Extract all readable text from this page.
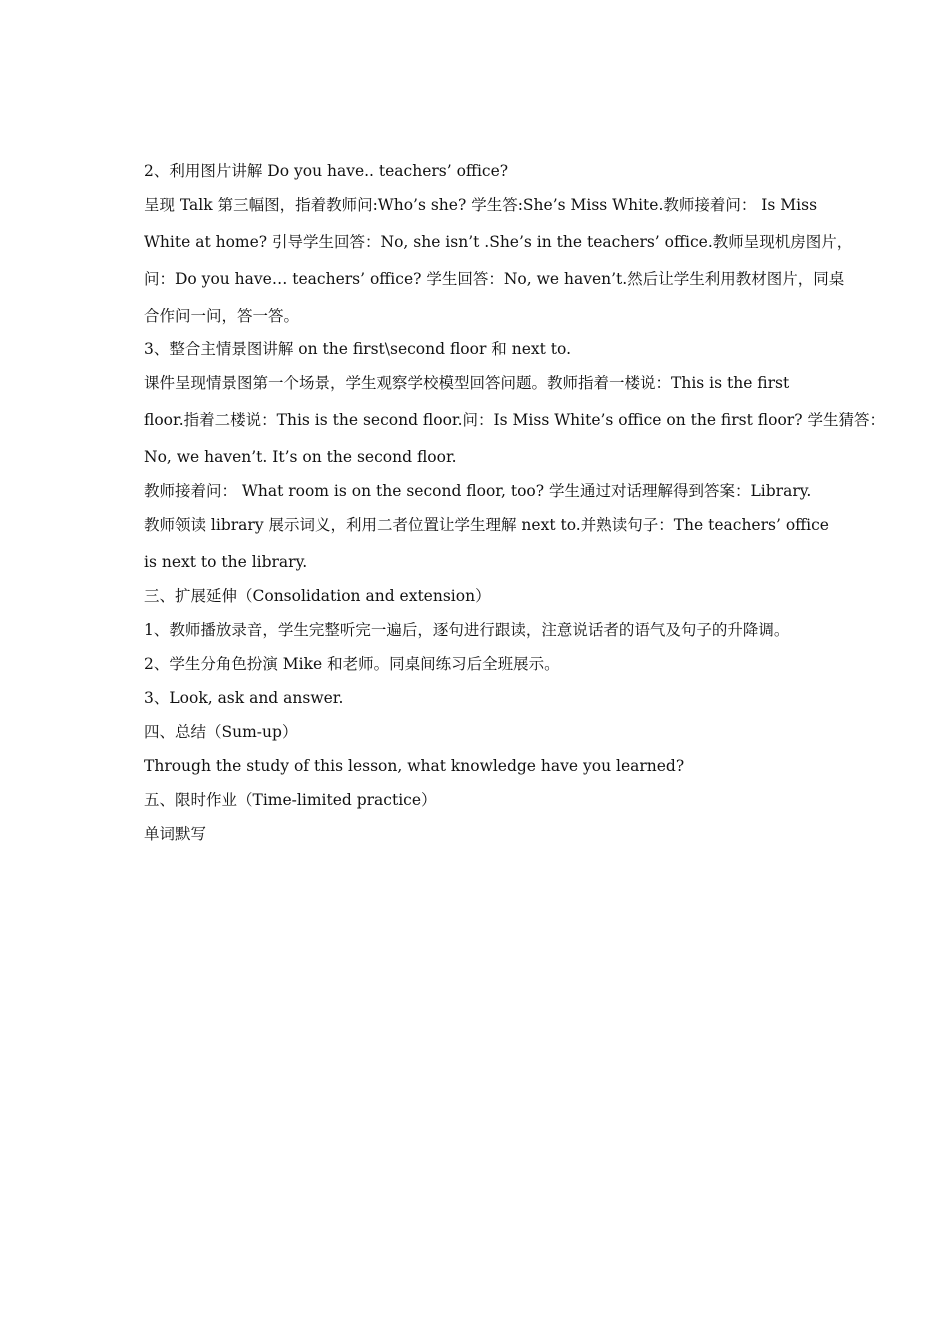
2、利用图片讲解 Do you have.. teachers’ office?
呈现 Talk 第三幅图，指着教师问:Who’s she? 学生答:She’s Miss White.教师接着问： Is Miss
White at home? 引导学生回答：No, she isn’t .She’s in the teachers’ office.教师呈现机房图片，
问：Do you have… teachers’ office? 学生回答：No, we haven’t.然后让学生利用教材图片，同桌
合作问一问，答一答。
3、整合主情景图讲解 on the first\second floor 和 next to.
课件呈现情景图第一个场景，学生观察学校模型回答问题。教师指着一楼说：This is the first
floor.指着二楼说：This is the second floor.问：Is Miss White’s office on the first floor? 学生猜答：
No, we haven’t. It’s on the second floor.
教师接着问： What room is on the second floor, too? 学生通过对话理解得到答案：Library.
教师领读 library 展示词义，利用二者位置让学生理解 next to.并熟读句子：The teachers’ office
is next to the library.
三、扩展延伸（Consolidation and extension）
1、教师播放录音，学生完整听完一遍后，逐句进行跟读，注意说话者的语气及句子的升降调。
2、学生分角色扮演 Mike 和老师。同桌间练习后全班展示。
3、Look, ask and answer.
四、总结（Sum-up）
Through the study of this lesson, what knowledge have you learned?
五、限时作业（Time-limited practice）
单词默写
